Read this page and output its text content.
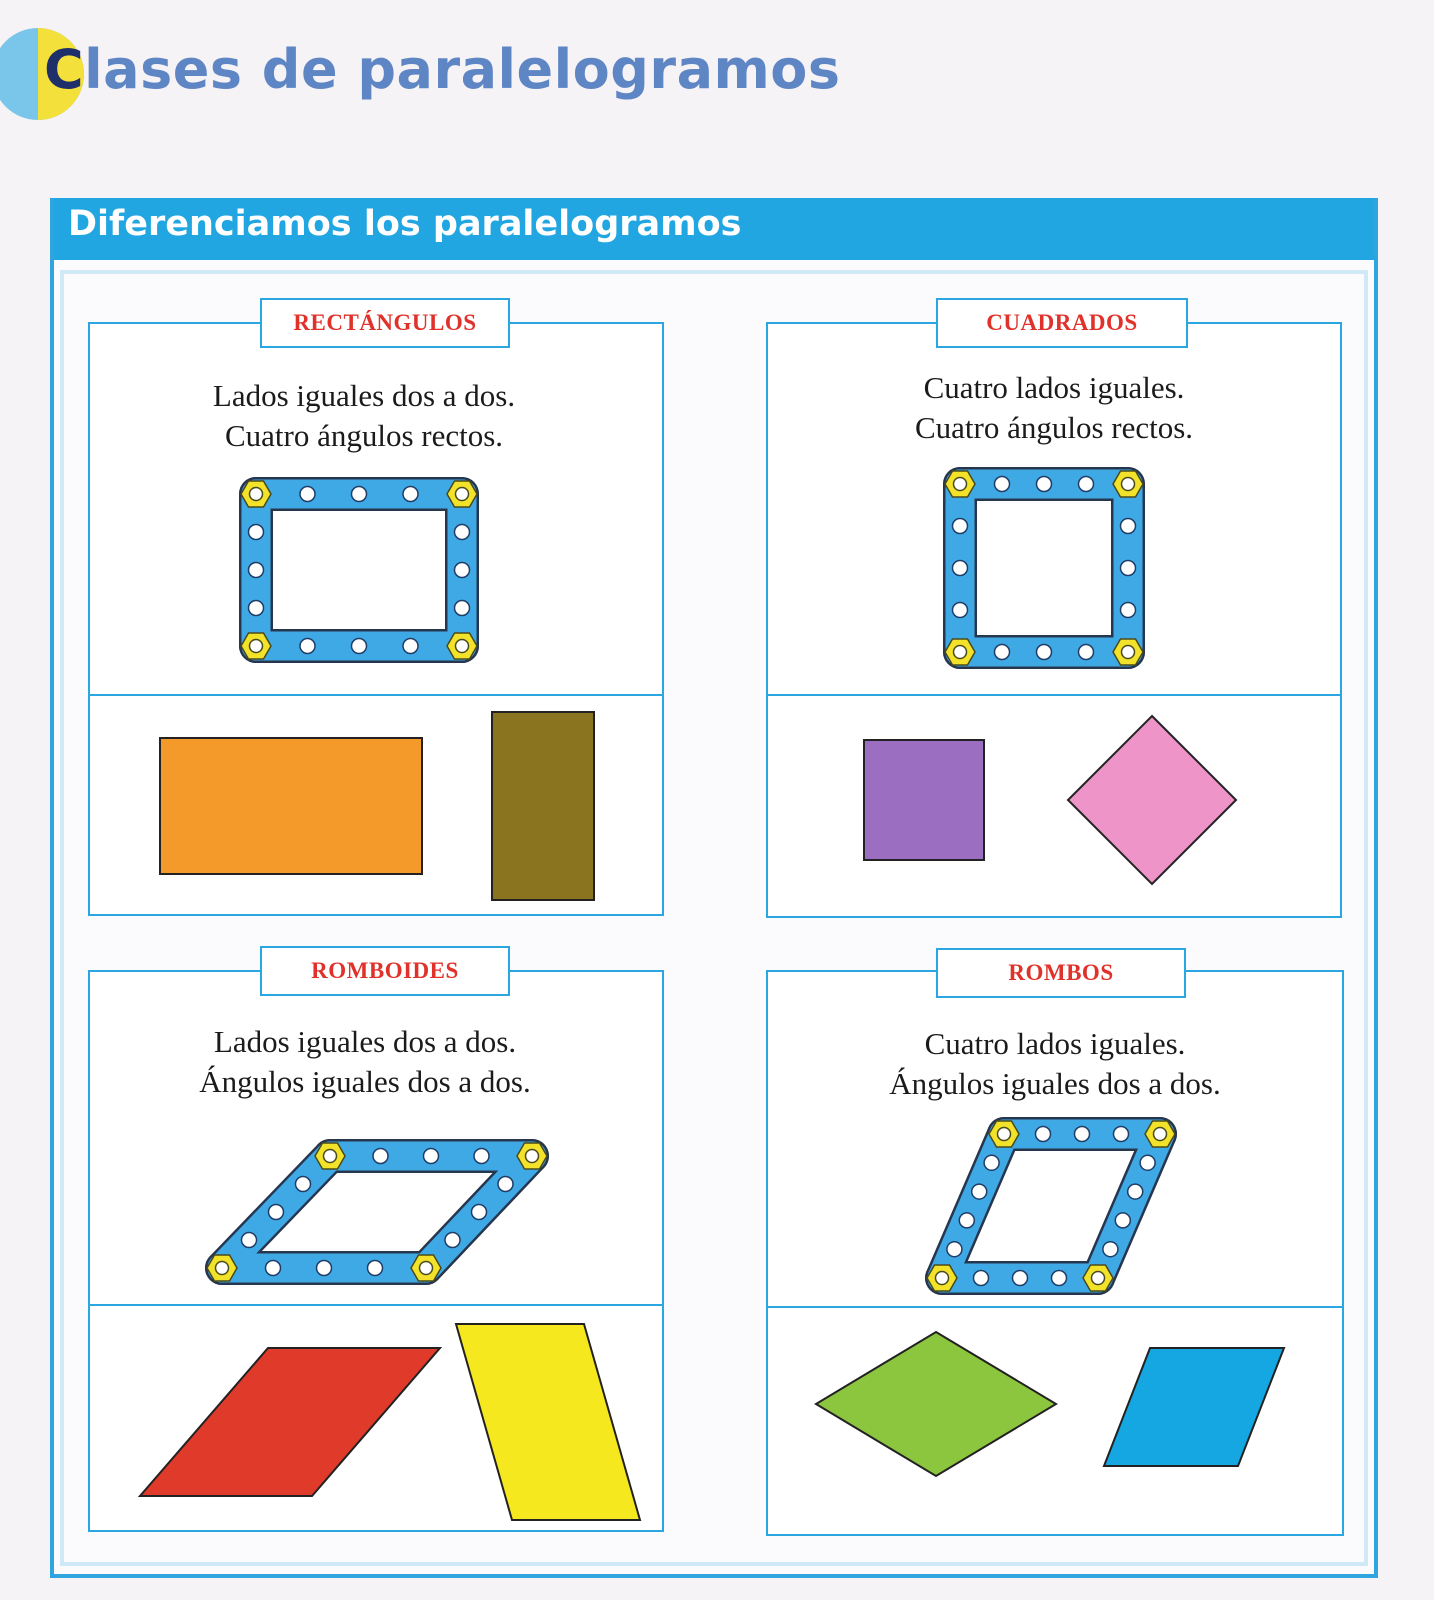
Clases de paralelogramos
Diferenciamos los paralelogramos
Lados iguales dos a dos.
Cuatro ángulos rectos.
RECTÁNGULOS
Cuatro lados iguales.
Cuatro ángulos rectos.
CUADRADOS
Lados iguales dos a dos.
Ángulos iguales dos a dos.
ROMBOIDES
Cuatro lados iguales.
Ángulos iguales dos a dos.
ROMBOS
